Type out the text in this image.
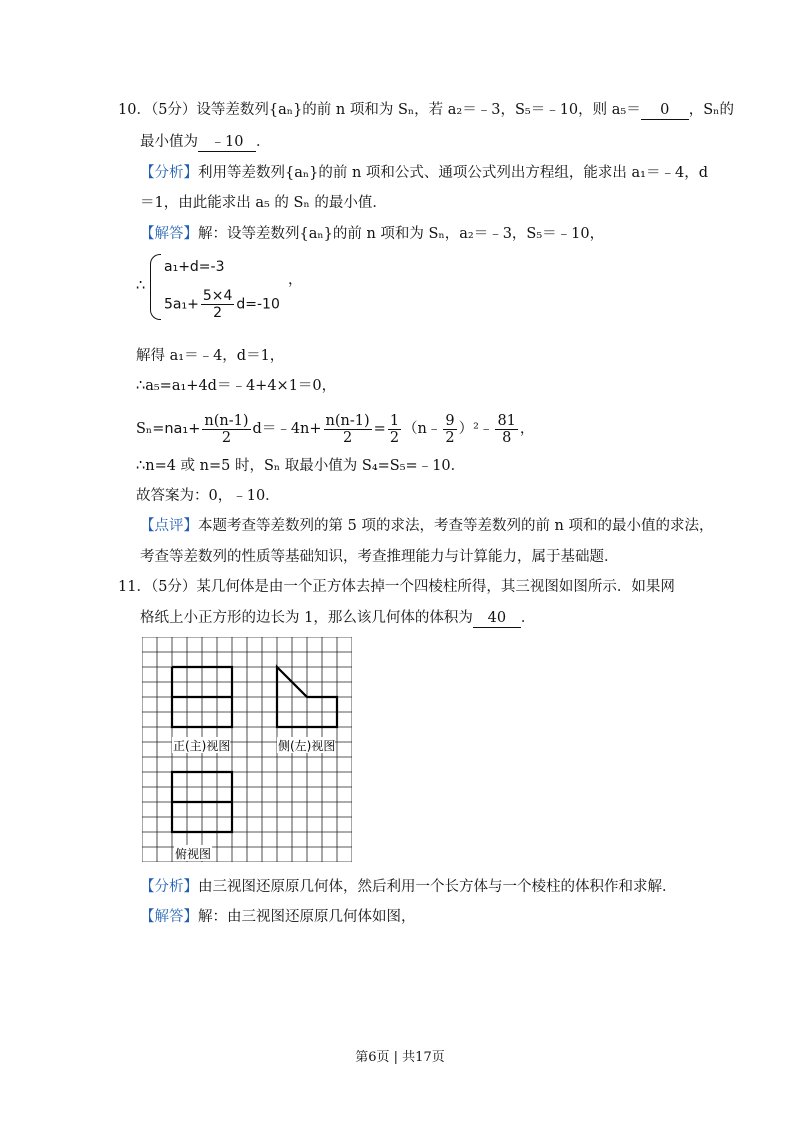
10．（5分）设等差数列{aₙ}的前 n 项和为 Sₙ，若 a₂＝﹣3，S₅＝﹣10，则 a₅＝ 0 ，Sₙ的
最小值为 ﹣10 ．
【分析】利用等差数列{aₙ}的前 n 项和公式、通项公式列出方程组，能求出 a₁＝﹣4，d
＝1，由此能求出 a₅ 的 Sₙ 的最小值．
【解答】解：设等差数列{aₙ}的前 n 项和为 Sₙ，a₂＝﹣3，S₅＝﹣10，
∴
a₁+d=-3
$5a_1+ \frac{5\times 4}{2} d=-10$
，
解得 a₁＝﹣4，d＝1，
∴a₅=a₁+4d＝﹣4+4×1＝0，
$S_n=na_1+ \frac{n(n-1)}{2}$ d＝﹣4n+ $\frac{n(n-1)}{2} = \frac{1}{2}$ （n﹣ $\frac{9}{2}$ ）²﹣ $\frac{81}{8}$ ，
∴n=4 或 n=5 时，Sₙ 取最小值为 S₄=S₅=﹣10．
故答案为：0，﹣10．
【点评】本题考查等差数列的第 5 项的求法，考查等差数列的前 n 项和的最小值的求法，
考查等差数列的性质等基础知识，考查推理能力与计算能力，属于基础题．
11．（5分）某几何体是由一个正方体去掉一个四棱柱所得，其三视图如图所示．如果网
格纸上小正方形的边长为 1，那么该几何体的体积为 40 ．
正(主)视图	侧(左)视图
俯视图
【分析】由三视图还原原几何体，然后利用一个长方体与一个棱柱的体积作和求解．
【解答】解：由三视图还原原几何体如图，
第6页 | 共17页
